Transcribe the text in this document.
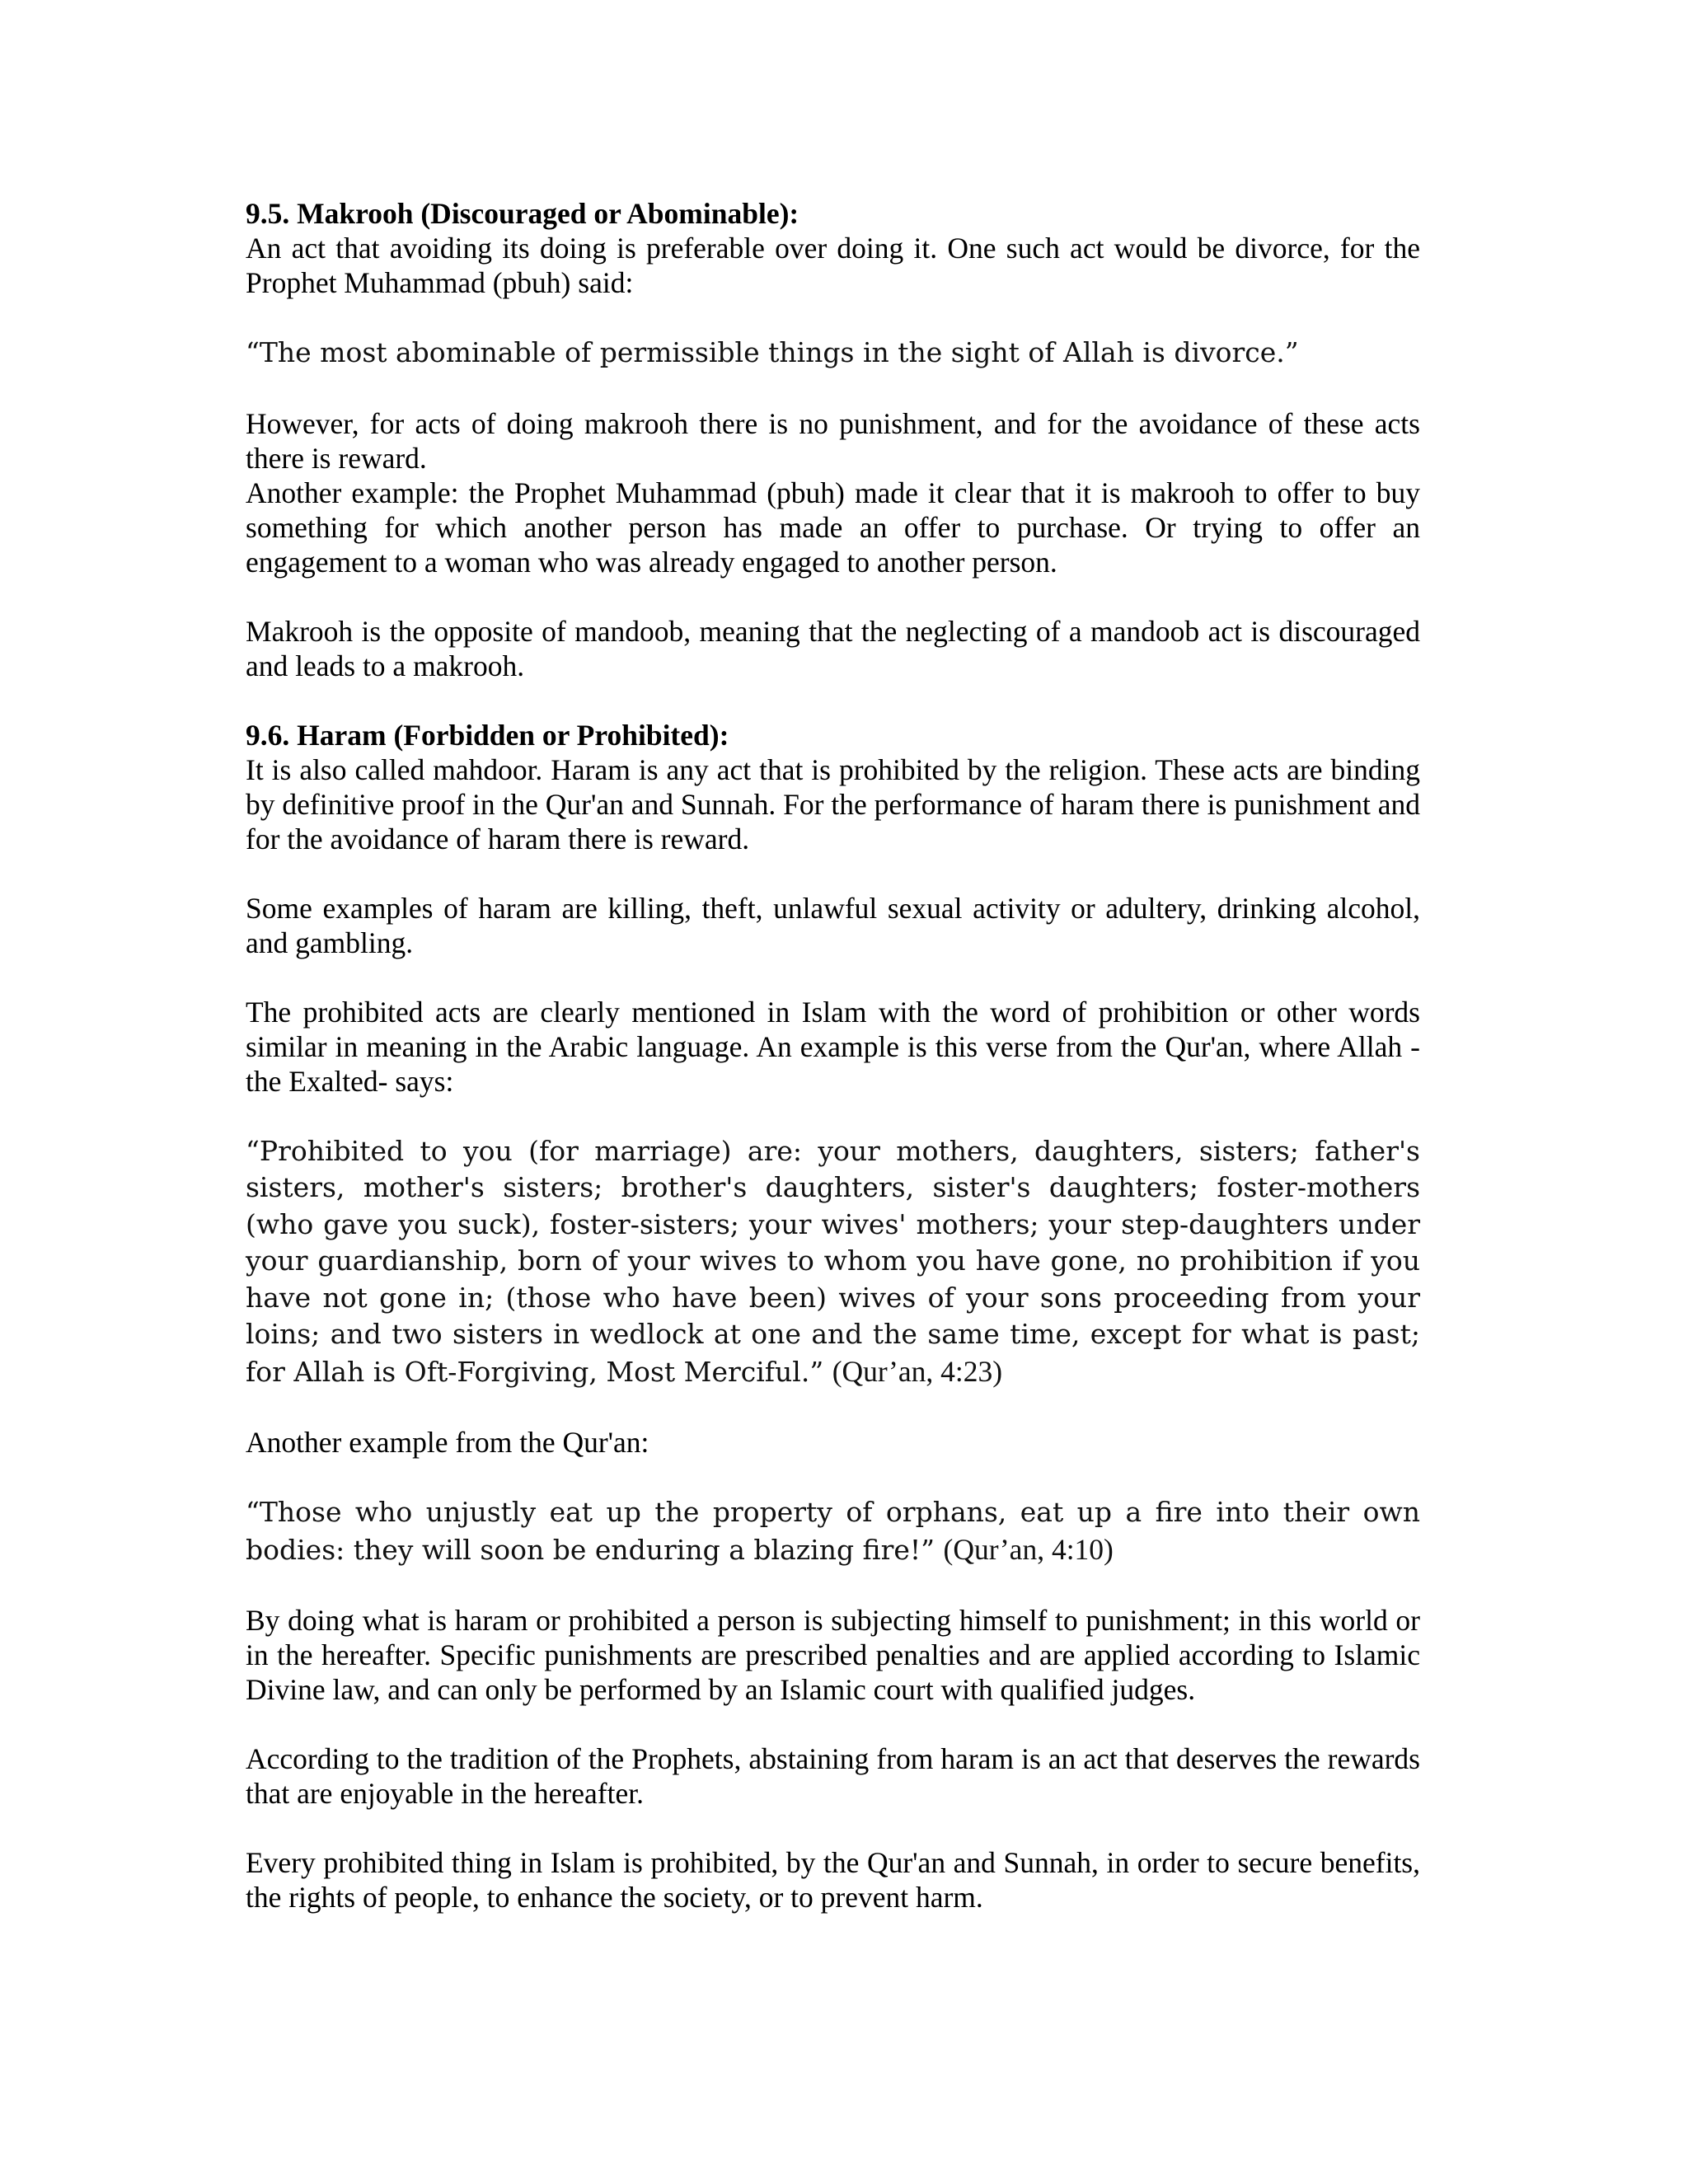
9.5. Makrooh (Discouraged or Abominable):

An act that avoiding its doing is preferable over doing it. One such act would be divorce, for the Prophet Muhammad (pbuh) said:

“The most abominable of permissible things in the sight of Allah is divorce.”

However, for acts of doing makrooh there is no punishment, and for the avoidance of these acts there is reward.

Another example: the Prophet Muhammad (pbuh) made it clear that it is makrooh to offer to buy something for which another person has made an offer to purchase. Or trying to offer an engagement to a woman who was already engaged to another person.

Makrooh is the opposite of mandoob, meaning that the neglecting of a mandoob act is discouraged and leads to a makrooh.

9.6. Haram (Forbidden or Prohibited):

It is also called mahdoor. Haram is any act that is prohibited by the religion. These acts are binding by definitive proof in the Qur'an and Sunnah. For the performance of haram there is punishment and for the avoidance of haram there is reward.

Some examples of haram are killing, theft, unlawful sexual activity or adultery, drinking alcohol, and gambling.

The prohibited acts are clearly mentioned in Islam with the word of prohibition or other words similar in meaning in the Arabic language. An example is this verse from the Qur'an, where Allah -the Exalted- says:

“Prohibited to you (for marriage) are: your mothers, daughters, sisters; father's sisters, mother's sisters; brother's daughters, sister's daughters; foster-mothers (who gave you suck), foster-sisters; your wives' mothers; your step-daughters under your guardianship, born of your wives to whom you have gone, no prohibition if you have not gone in; (those who have been) wives of your sons proceeding from your loins; and two sisters in wedlock at one and the same time, except for what is past; for Allah is Oft-Forgiving, Most Merciful.” (Qur’an, 4:23)

Another example from the Qur'an:

“Those who unjustly eat up the property of orphans, eat up a fire into their own bodies: they will soon be enduring a blazing fire!” (Qur’an, 4:10)

By doing what is haram or prohibited a person is subjecting himself to punishment; in this world or in the hereafter. Specific punishments are prescribed penalties and are applied according to Islamic Divine law, and can only be performed by an Islamic court with qualified judges.

According to the tradition of the Prophets, abstaining from haram is an act that deserves the rewards that are enjoyable in the hereafter.

Every prohibited thing in Islam is prohibited, by the Qur'an and Sunnah, in order to secure benefits, the rights of people, to enhance the society, or to prevent harm.
